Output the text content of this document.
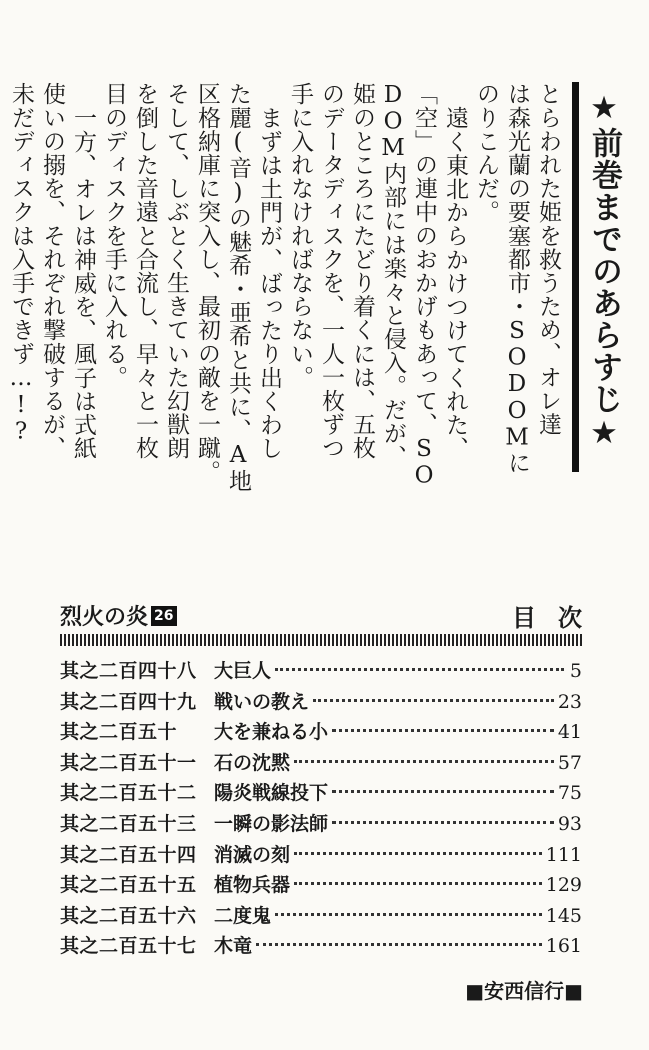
★前巻までのあらすじ★
とらわれた姫を救うため、オレ達
は森光蘭の要塞都市・SODOMに
のりこんだ。
遠く東北からかけつけてくれた、
「空」の連中のおかげもあって、SO
DOM内部には楽々と侵入。だが、
姫のところにたどり着くには、五枚
のデータディスクを、一人一枚ずつ
手に入れなければならない。
まずは土門が、ばったり出くわし
た麗(音)の魅希・亜希と共に、A地
区格納庫に突入し、最初の敵を一蹴。
そして、しぶとく生きていた幻獣朗
を倒した音遠と合流し、早々と一枚
目のディスクを手に入れる。
一方、オレは神威を、風子は式紙
使いの搦を、それぞれ撃破するが、
未だディスクは入手できず…!?
烈火の炎 26	目次
其之二百四十八 大巨人	5
其之二百四十九 戦いの教え	23
其之二百五十	大を兼ねる小	41
其之二百五十一 石の沈黙	57
其之二百五十二 陽炎戦線投下	75
其之二百五十三 一瞬の影法師	93
其之二百五十四 消滅の刻	111
其之二百五十五 植物兵器	129
其之二百五十六 二度鬼	145
其之二百五十七 木竜	161
■安西信行■
